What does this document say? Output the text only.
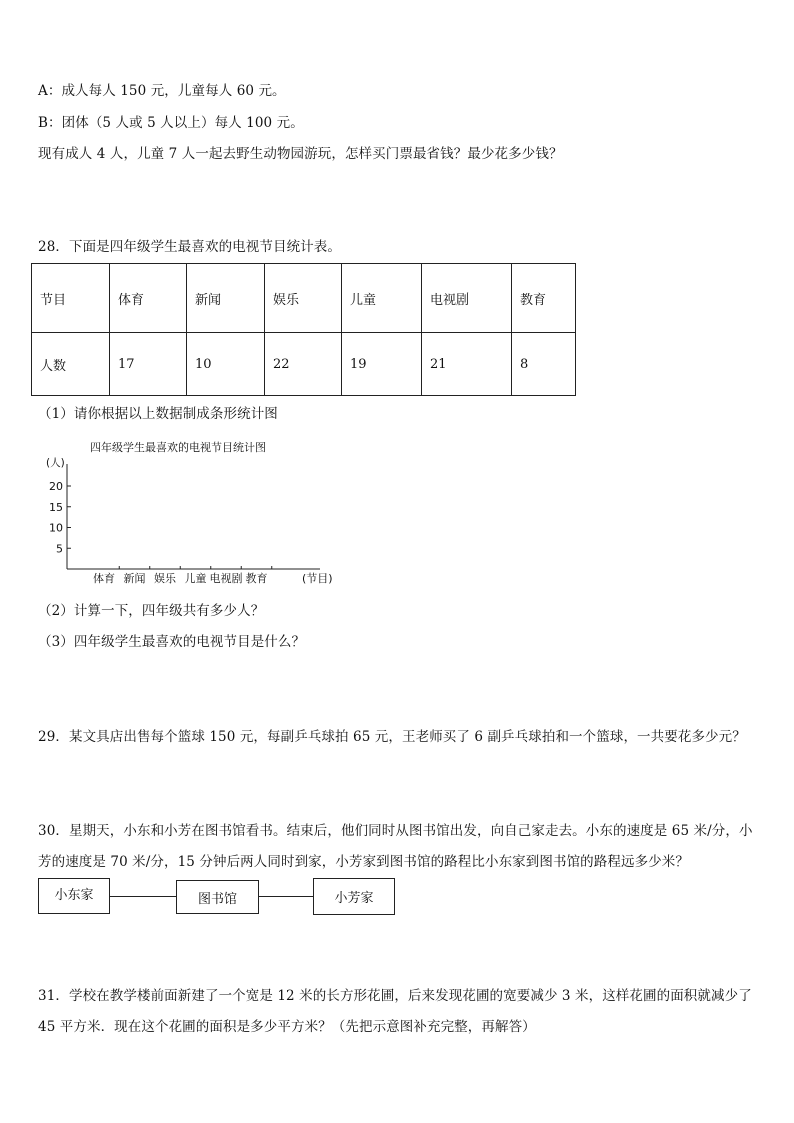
A：成人每人 150 元，儿童每人 60 元。
B：团体（5 人或 5 人以上）每人 100 元。
现有成人 4 人，儿童 7 人一起去野生动物园游玩，怎样买门票最省钱？最少花多少钱？
28．下面是四年级学生最喜欢的电视节目统计表。
节目	体育	新闻	娱乐	儿童	电视剧	教育
人数	17	10	22	19	21	8
（1）请你根据以上数据制成条形统计图
四年级学生最喜欢的电视节目统计图
(人)
20
15
10
5
体育 新闻 娱乐 儿童 电视剧 教育	(节目)
（2）计算一下，四年级共有多少人？
（3）四年级学生最喜欢的电视节目是什么？
29．某文具店出售每个篮球 150 元，每副乒乓球拍 65 元，王老师买了 6 副乒乓球拍和一个篮球，一共要花多少元？
30．星期天，小东和小芳在图书馆看书。结束后，他们同时从图书馆出发，向自己家走去。小东的速度是 65 米/分，小
芳的速度是 70 米/分，15 分钟后两人同时到家，小芳家到图书馆的路程比小东家到图书馆的路程远多少米？
小东家	图书馆	小芳家
31．学校在教学楼前面新建了一个宽是 12 米的长方形花圃，后来发现花圃的宽要减少 3 米，这样花圃的面积就减少了
45 平方米．现在这个花圃的面积是多少平方米？（先把示意图补充完整，再解答）
